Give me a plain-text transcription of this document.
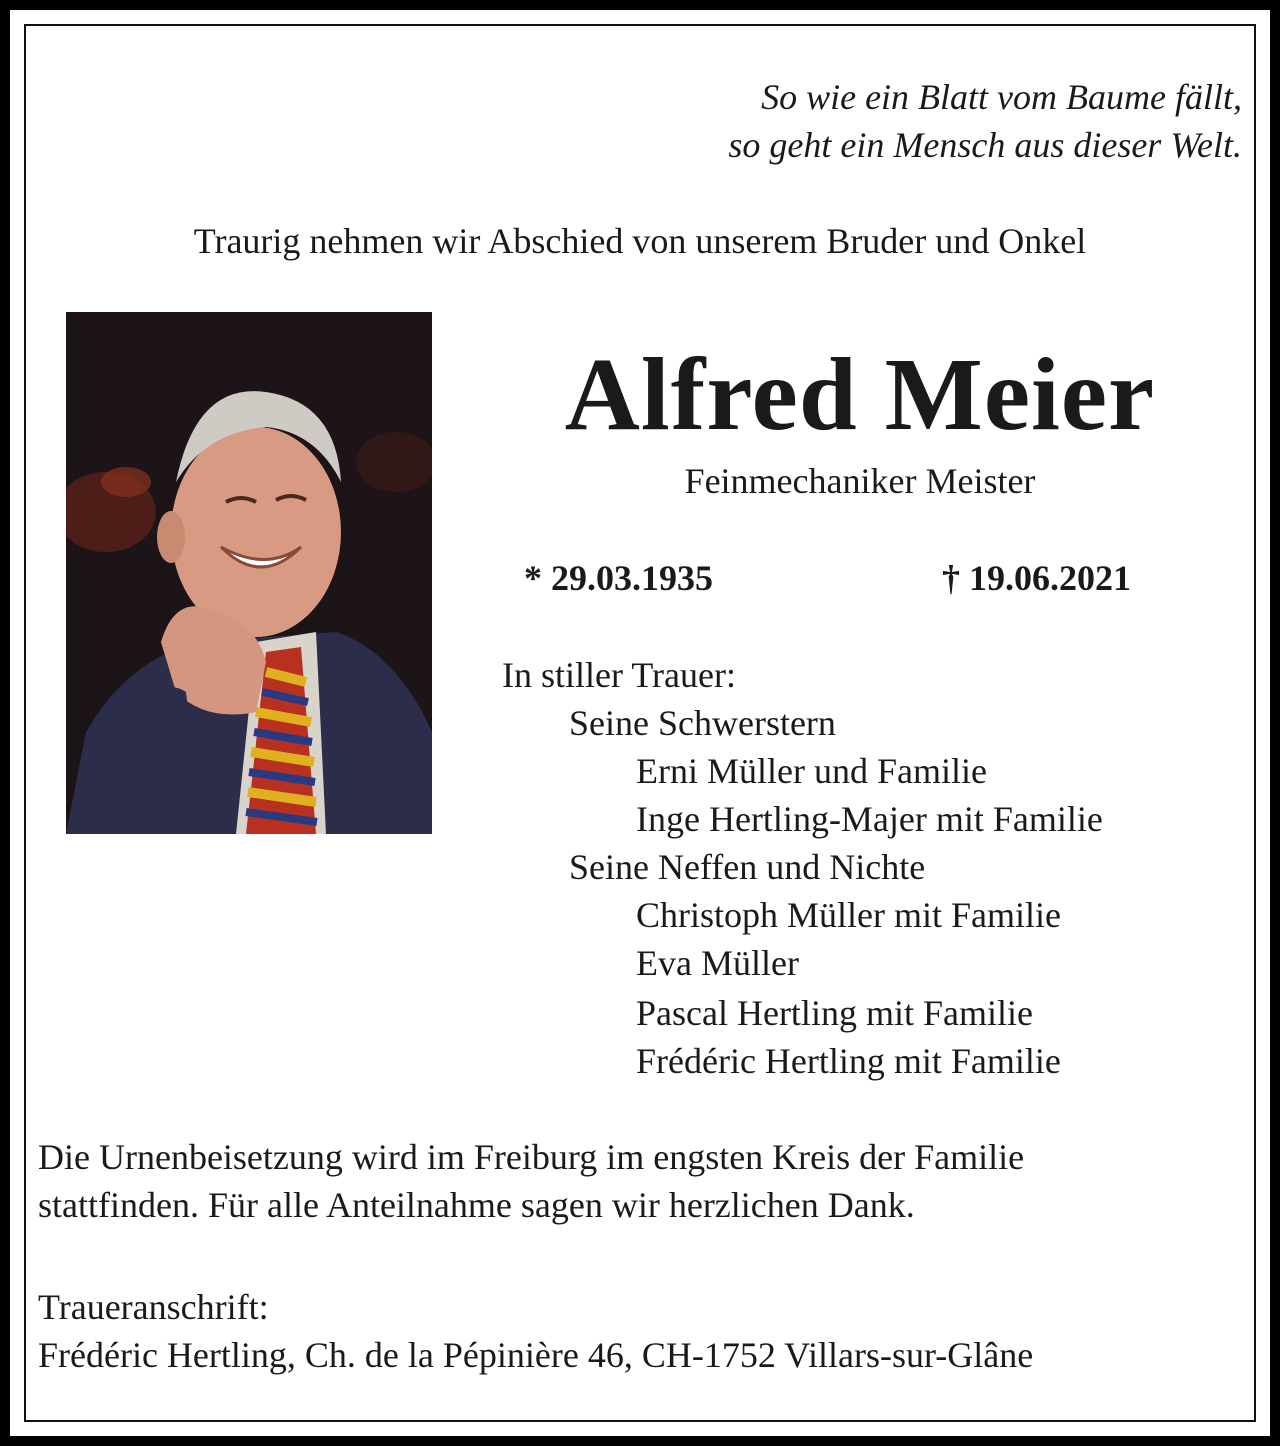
So wie ein Blatt vom Baume fällt,
so geht ein Mensch aus dieser Welt.
Traurig nehmen wir Abschied von unserem Bruder und Onkel
Alfred Meier
Feinmechaniker Meister
* 29.03.1935	† 19.06.2021
In stiller Trauer:
Seine Schwerstern
Erni Müller und Familie
Inge Hertling-Majer mit Familie
Seine Neffen und Nichte
Christoph Müller mit Familie
Eva Müller
Pascal Hertling mit Familie
Frédéric Hertling mit Familie
Die Urnenbeisetzung wird im Freiburg im engsten Kreis der Familie
stattfinden. Für alle Anteilnahme sagen wir herzlichen Dank.
Traueranschrift:
Frédéric Hertling, Ch. de la Pépinière 46, CH-1752 Villars-sur-Glâne
